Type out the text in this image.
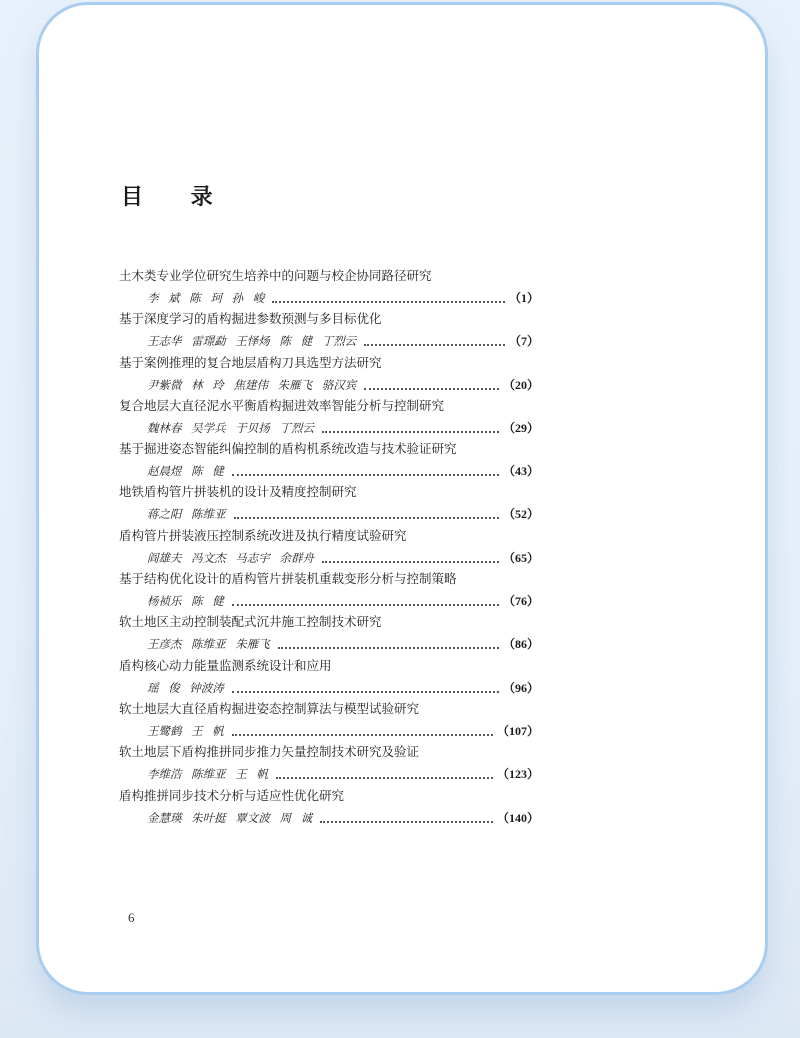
目 录
土木类专业学位研究生培养中的问题与校企协同路径研究
李 斌 陈 珂 孙 峻	（1）
基于深度学习的盾构掘进参数预测与多目标优化
王志华 雷璟勐 王怿炀 陈 健 丁烈云	（7）
基于案例推理的复合地层盾构刀具选型方法研究
尹紫微 林 玲 焦建伟 朱雁飞 骆汉宾	（20）
复合地层大直径泥水平衡盾构掘进效率智能分析与控制研究
魏林春 吴学兵 于贝扬 丁烈云	（29）
基于掘进姿态智能纠偏控制的盾构机系统改造与技术验证研究
赵晨煜 陈 健	（43）
地铁盾构管片拼装机的设计及精度控制研究
蒋之阳 陈维亚	（52）
盾构管片拼装液压控制系统改进及执行精度试验研究
阎雄夫 冯文杰 马志宇 余群舟	（65）
基于结构优化设计的盾构管片拼装机重载变形分析与控制策略
杨祯乐 陈 健	（76）
软土地区主动控制装配式沉井施工控制技术研究
王彦杰 陈维亚 朱雁飞	（86）
盾构核心动力能量监测系统设计和应用
瑶 俊 钟波涛	（96）
软土地层大直径盾构掘进姿态控制算法与模型试验研究
王鹭鹤 王 帆	（107）
软土地层下盾构推拼同步推力矢量控制技术研究及验证
李维浩 陈维亚 王 帆	（123）
盾构推拼同步技术分析与适应性优化研究
金慧瑛 朱叶挺 覃文波 周 诚	（140）
6
